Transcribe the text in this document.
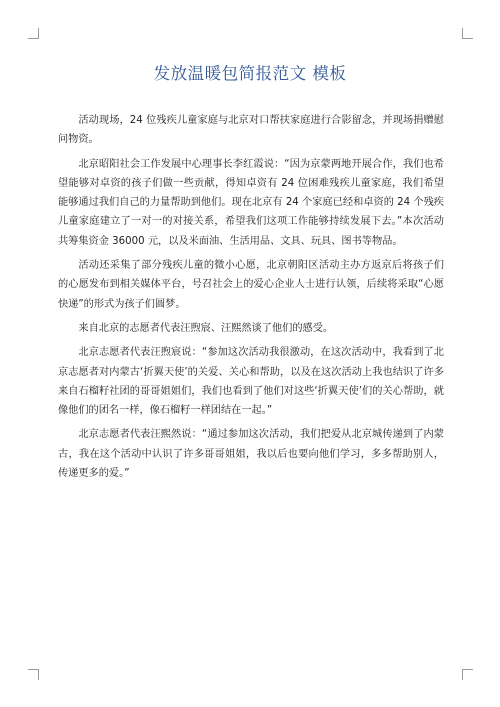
发放温暖包简报范文 模板

活动现场，24 位残疾儿童家庭与北京对口帮扶家庭进行合影留念，并现场捐赠慰问物资。

北京昭阳社会工作发展中心理事长李红霞说：“因为京蒙两地开展合作，我们也希望能够对卓资的孩子们做一些贡献，得知卓资有 24 位困难残疾儿童家庭，我们希望能够通过我们自己的力量帮助到他们。现在北京有 24 个家庭已经和卓资的 24 个残疾儿童家庭建立了一对一的对接关系，希望我们这项工作能够持续发展下去。”本次活动共筹集资金 36000 元，以及米面油、生活用品、文具、玩具、图书等物品。

活动还采集了部分残疾儿童的微小心愿，北京朝阳区活动主办方返京后将孩子们的心愿发布到相关媒体平台，号召社会上的爱心企业人士进行认领，后续将采取“心愿快递”的形式为孩子们圆梦。

来自北京的志愿者代表汪煦宸、汪熙然谈了他们的感受。

北京志愿者代表汪煦宸说：“参加这次活动我很激动，在这次活动中，我看到了北京志愿者对内蒙古‘折翼天使’的关爱、关心和帮助，以及在这次活动上我也结识了许多来自石榴籽社团的哥哥姐姐们，我们也看到了他们对这些‘折翼天使’们的关心帮助，就像他们的团名一样，像石榴籽一样团结在一起。”

北京志愿者代表汪熙然说：“通过参加这次活动，我们把爱从北京城传递到了内蒙古，我在这个活动中认识了许多哥哥姐姐，我以后也要向他们学习，多多帮助别人，传递更多的爱。”
